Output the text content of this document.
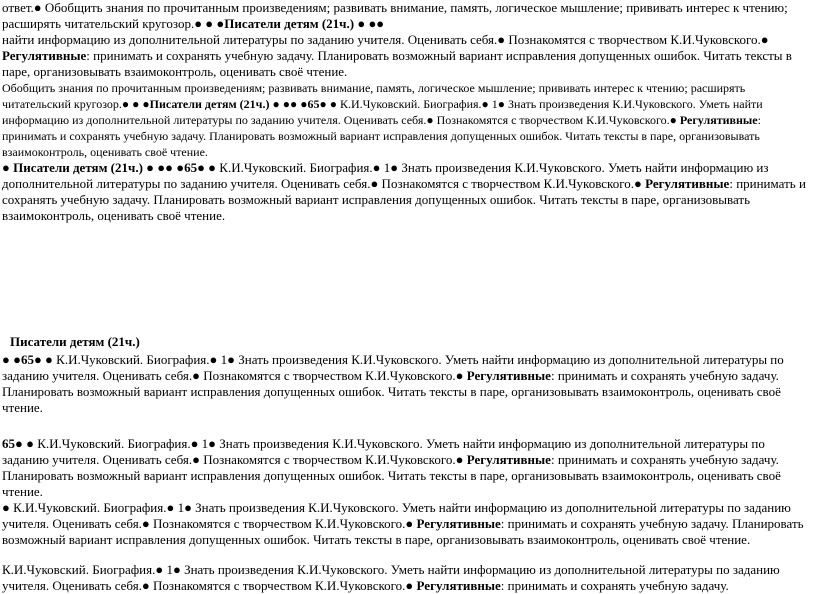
ответ.● Обобщить знания по прочитанным произведениям; развивать внимание, память, логическое мышление; прививать интерес к чтению; расширять читательский кругозор.● ● ●Писатели детям (21ч.) ● ●●
найти информацию из дополнительной литературы по заданию учителя. Оценивать себя.● Познакомятся с творчеством К.И.Чуковского.● Регулятивные: принимать и сохранять учебную задачу. Планировать возможный вариант исправления допущенных ошибок. Читать тексты в паре, организовывать взаимоконтроль, оценивать своё чтение.
Обобщить знания по прочитанным произведениям; развивать внимание, память, логическое мышление; прививать интерес к чтению; расширять читательский кругозор.● ● ●Писатели детям (21ч.) ● ●● ●65● ● К.И.Чуковский. Биография.● 1● Знать произведения К.И.Чуковского. Уметь найти информацию из дополнительной литературы по заданию учителя. Оценивать себя.● Познакомятся с творчеством К.И.Чуковского.● Регулятивные: принимать и сохранять учебную задачу. Планировать возможный вариант исправления допущенных ошибок. Читать тексты в паре, организовывать взаимоконтроль, оценивать своё чтение.
● Писатели детям (21ч.) ● ●● ●65● ● К.И.Чуковский. Биография.● 1● Знать произведения К.И.Чуковского. Уметь найти информацию из дополнительной литературы по заданию учителя. Оценивать себя.● Познакомятся с творчеством К.И.Чуковского.● Регулятивные: принимать и сохранять учебную задачу. Планировать возможный вариант исправления допущенных ошибок. Читать тексты в паре, организовывать взаимоконтроль, оценивать своё чтение.
Писатели детям (21ч.)
● ●65● ● К.И.Чуковский. Биография.● 1● Знать произведения К.И.Чуковского. Уметь найти информацию из дополнительной литературы по заданию учителя. Оценивать себя.● Познакомятся с творчеством К.И.Чуковского.● Регулятивные: принимать и сохранять учебную задачу. Планировать возможный вариант исправления допущенных ошибок. Читать тексты в паре, организовывать взаимоконтроль, оценивать своё чтение.
65● ● К.И.Чуковский. Биография.● 1● Знать произведения К.И.Чуковского. Уметь найти информацию из дополнительной литературы по заданию учителя. Оценивать себя.● Познакомятся с творчеством К.И.Чуковского.● Регулятивные: принимать и сохранять учебную задачу. Планировать возможный вариант исправления допущенных ошибок. Читать тексты в паре, организовывать взаимоконтроль, оценивать своё чтение.
● К.И.Чуковский. Биография.● 1● Знать произведения К.И.Чуковского. Уметь найти информацию из дополнительной литературы по заданию учителя. Оценивать себя.● Познакомятся с творчеством К.И.Чуковского.● Регулятивные: принимать и сохранять учебную задачу. Планировать возможный вариант исправления допущенных ошибок. Читать тексты в паре, организовывать взаимоконтроль, оценивать своё чтение.
К.И.Чуковский. Биография.● 1● Знать произведения К.И.Чуковского. Уметь найти информацию из дополнительной литературы по заданию учителя. Оценивать себя.● Познакомятся с творчеством К.И.Чуковского.● Регулятивные: принимать и сохранять учебную задачу.
